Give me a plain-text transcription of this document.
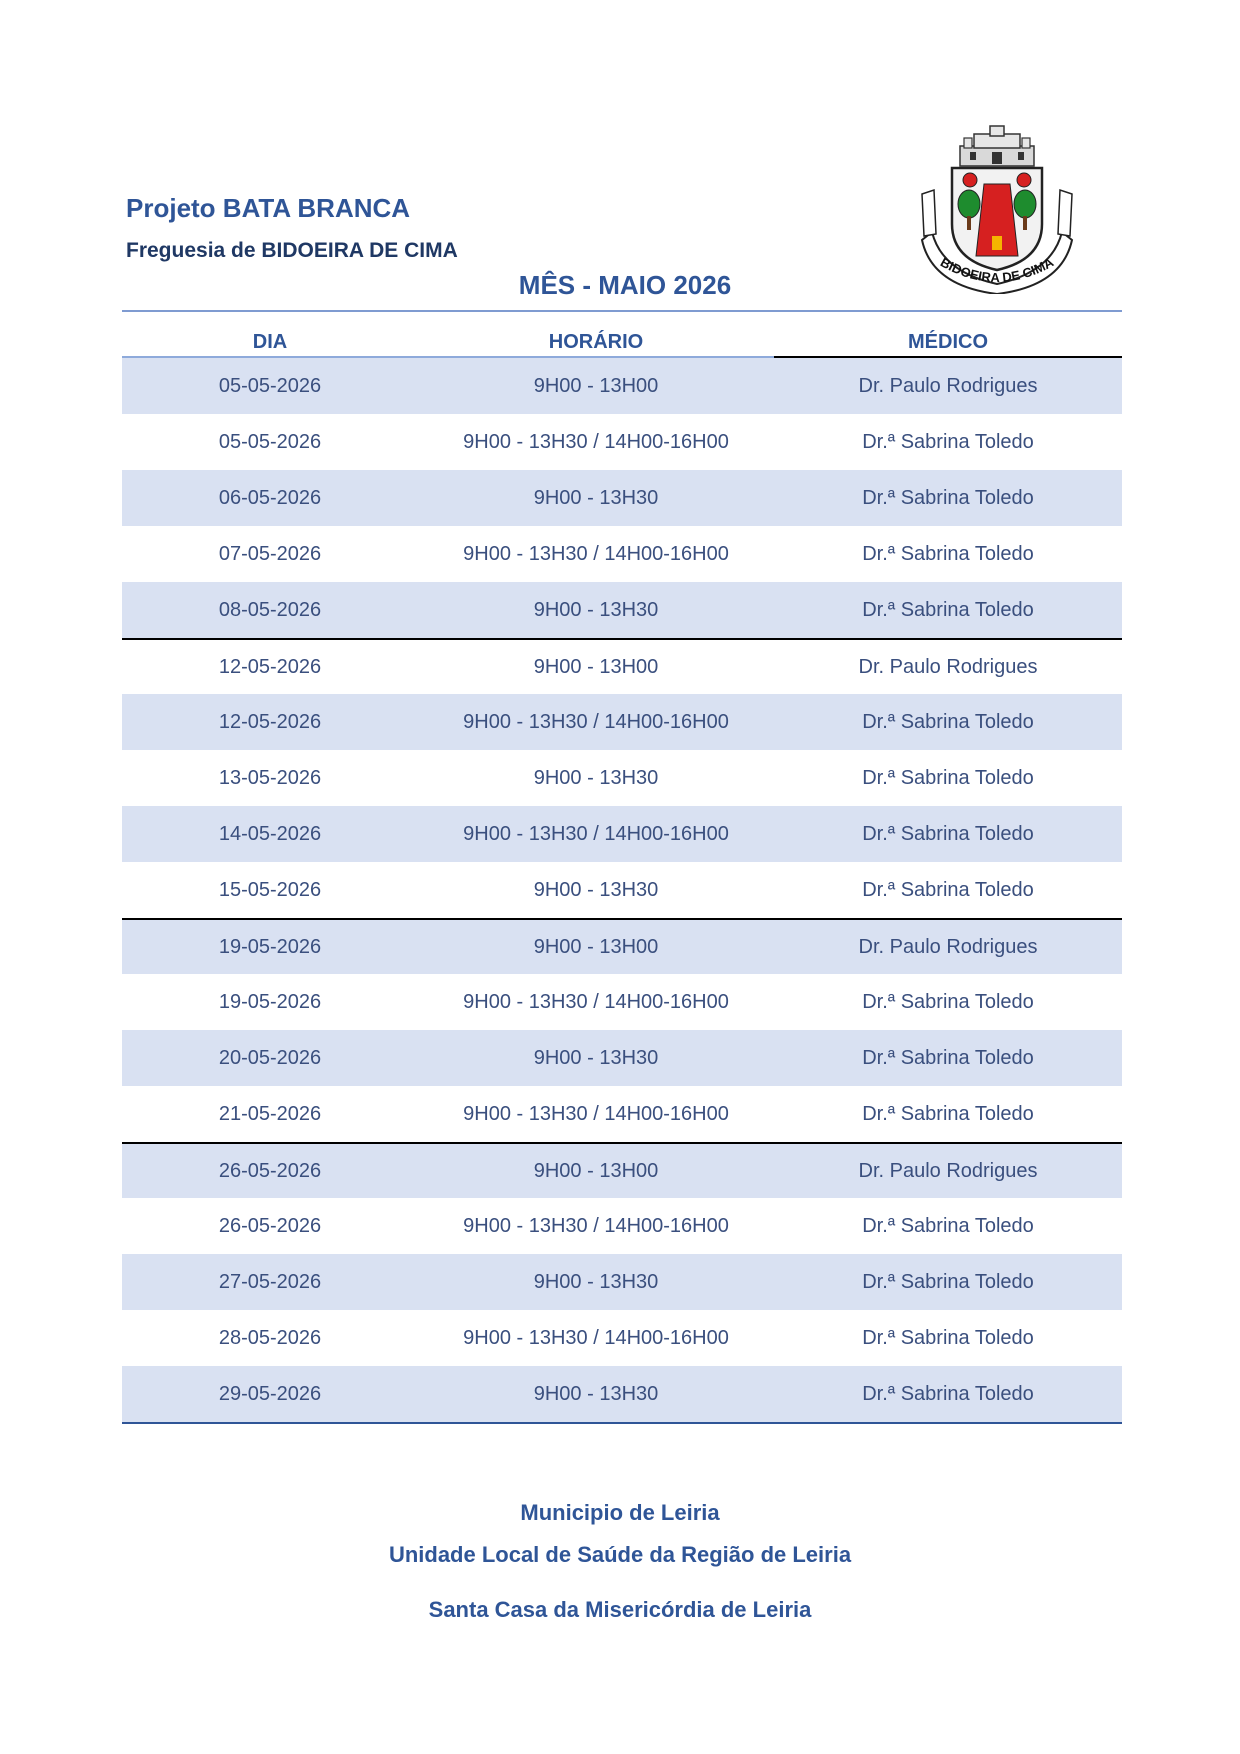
Projeto BATA BRANCA
Freguesia de BIDOEIRA DE CIMA
MÊS - MAIO 2026
BIDOEIRA DE CIMA
DIA	HORÁRIO	MÉDICO
05-05-2026	9H00 - 13H00	Dr. Paulo Rodrigues
05-05-2026	9H00 - 13H30 / 14H00-16H00	Dr.ª Sabrina Toledo
06-05-2026	9H00 - 13H30	Dr.ª Sabrina Toledo
07-05-2026	9H00 - 13H30 / 14H00-16H00	Dr.ª Sabrina Toledo
08-05-2026	9H00 - 13H30	Dr.ª Sabrina Toledo
12-05-2026	9H00 - 13H00	Dr. Paulo Rodrigues
12-05-2026	9H00 - 13H30 / 14H00-16H00	Dr.ª Sabrina Toledo
13-05-2026	9H00 - 13H30	Dr.ª Sabrina Toledo
14-05-2026	9H00 - 13H30 / 14H00-16H00	Dr.ª Sabrina Toledo
15-05-2026	9H00 - 13H30	Dr.ª Sabrina Toledo
19-05-2026	9H00 - 13H00	Dr. Paulo Rodrigues
19-05-2026	9H00 - 13H30 / 14H00-16H00	Dr.ª Sabrina Toledo
20-05-2026	9H00 - 13H30	Dr.ª Sabrina Toledo
21-05-2026	9H00 - 13H30 / 14H00-16H00	Dr.ª Sabrina Toledo
26-05-2026	9H00 - 13H00	Dr. Paulo Rodrigues
26-05-2026	9H00 - 13H30 / 14H00-16H00	Dr.ª Sabrina Toledo
27-05-2026	9H00 - 13H30	Dr.ª Sabrina Toledo
28-05-2026	9H00 - 13H30 / 14H00-16H00	Dr.ª Sabrina Toledo
29-05-2026	9H00 - 13H30	Dr.ª Sabrina Toledo
Municipio de Leiria
Unidade Local de Saúde da Região de Leiria
Santa Casa da Misericórdia de Leiria
